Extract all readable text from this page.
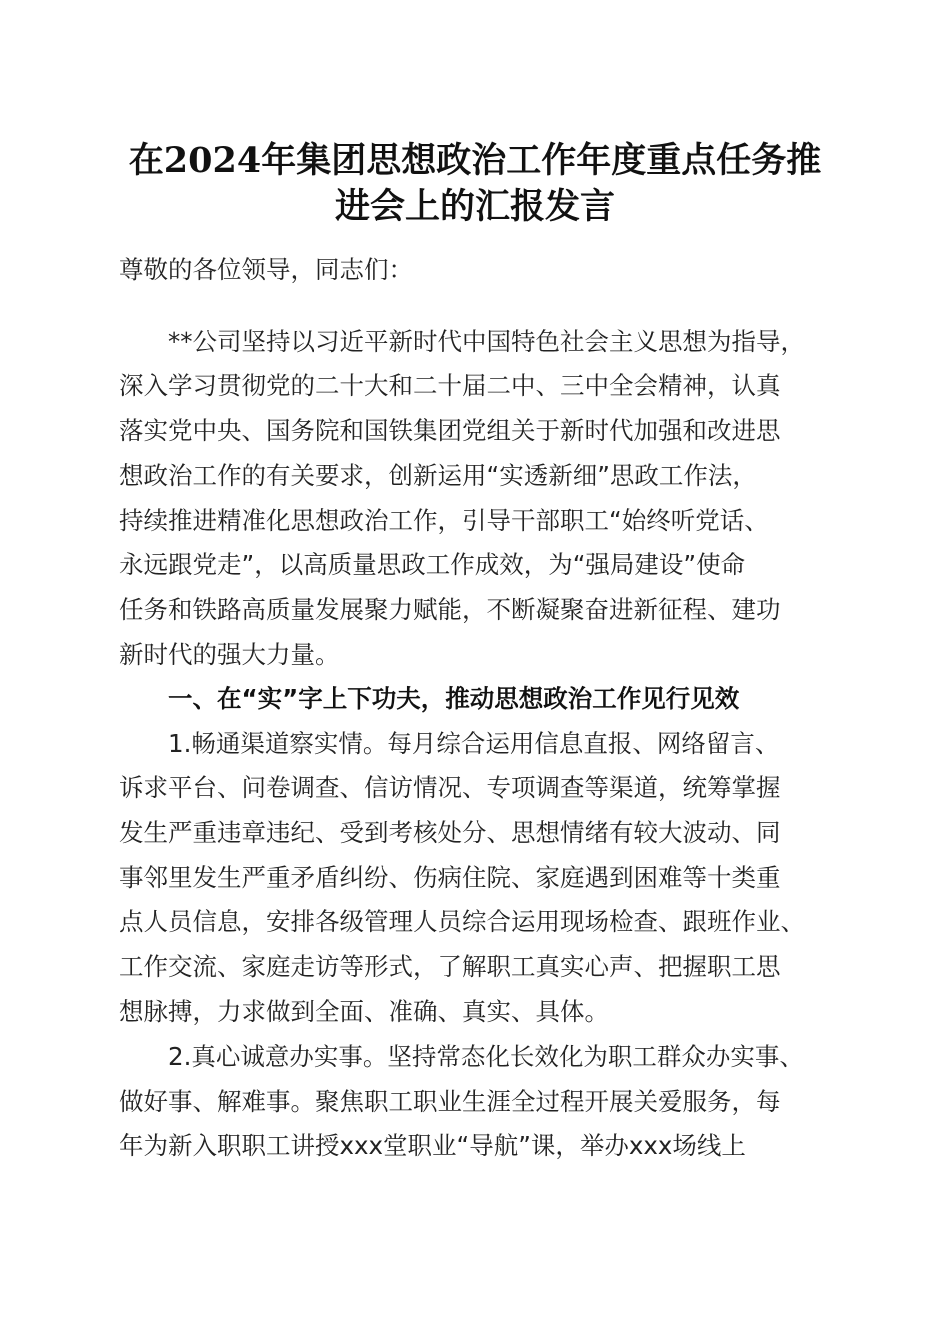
在2024年集团思想政治工作年度重点任务推
进会上的汇报发言

尊敬的各位领导，同志们：

**公司坚持以习近平新时代中国特色社会主义思想为指导，

深入学习贯彻党的二十大和二十届二中、三中全会精神，认真

落实党中央、国务院和国铁集团党组关于新时代加强和改进思

想政治工作的有关要求，创新运用“实透新细”思政工作法，

持续推进精准化思想政治工作，引导干部职工“始终听党话、

永远跟党走”，以高质量思政工作成效，为“强局建设”使命

任务和铁路高质量发展聚力赋能，不断凝聚奋进新征程、建功

新时代的强大力量。

一、在“实”字上下功夫，推动思想政治工作见行见效

1.畅通渠道察实情。每月综合运用信息直报、网络留言、

诉求平台、问卷调查、信访情况、专项调查等渠道，统筹掌握

发生严重违章违纪、受到考核处分、思想情绪有较大波动、同

事邻里发生严重矛盾纠纷、伤病住院、家庭遇到困难等十类重

点人员信息，安排各级管理人员综合运用现场检查、跟班作业、

工作交流、家庭走访等形式，了解职工真实心声、把握职工思

想脉搏，力求做到全面、准确、真实、具体。

2.真心诚意办实事。坚持常态化长效化为职工群众办实事、

做好事、解难事。聚焦职工职业生涯全过程开展关爱服务，每

年为新入职职工讲授xxx堂职业“导航”课，举办xxx场线上
